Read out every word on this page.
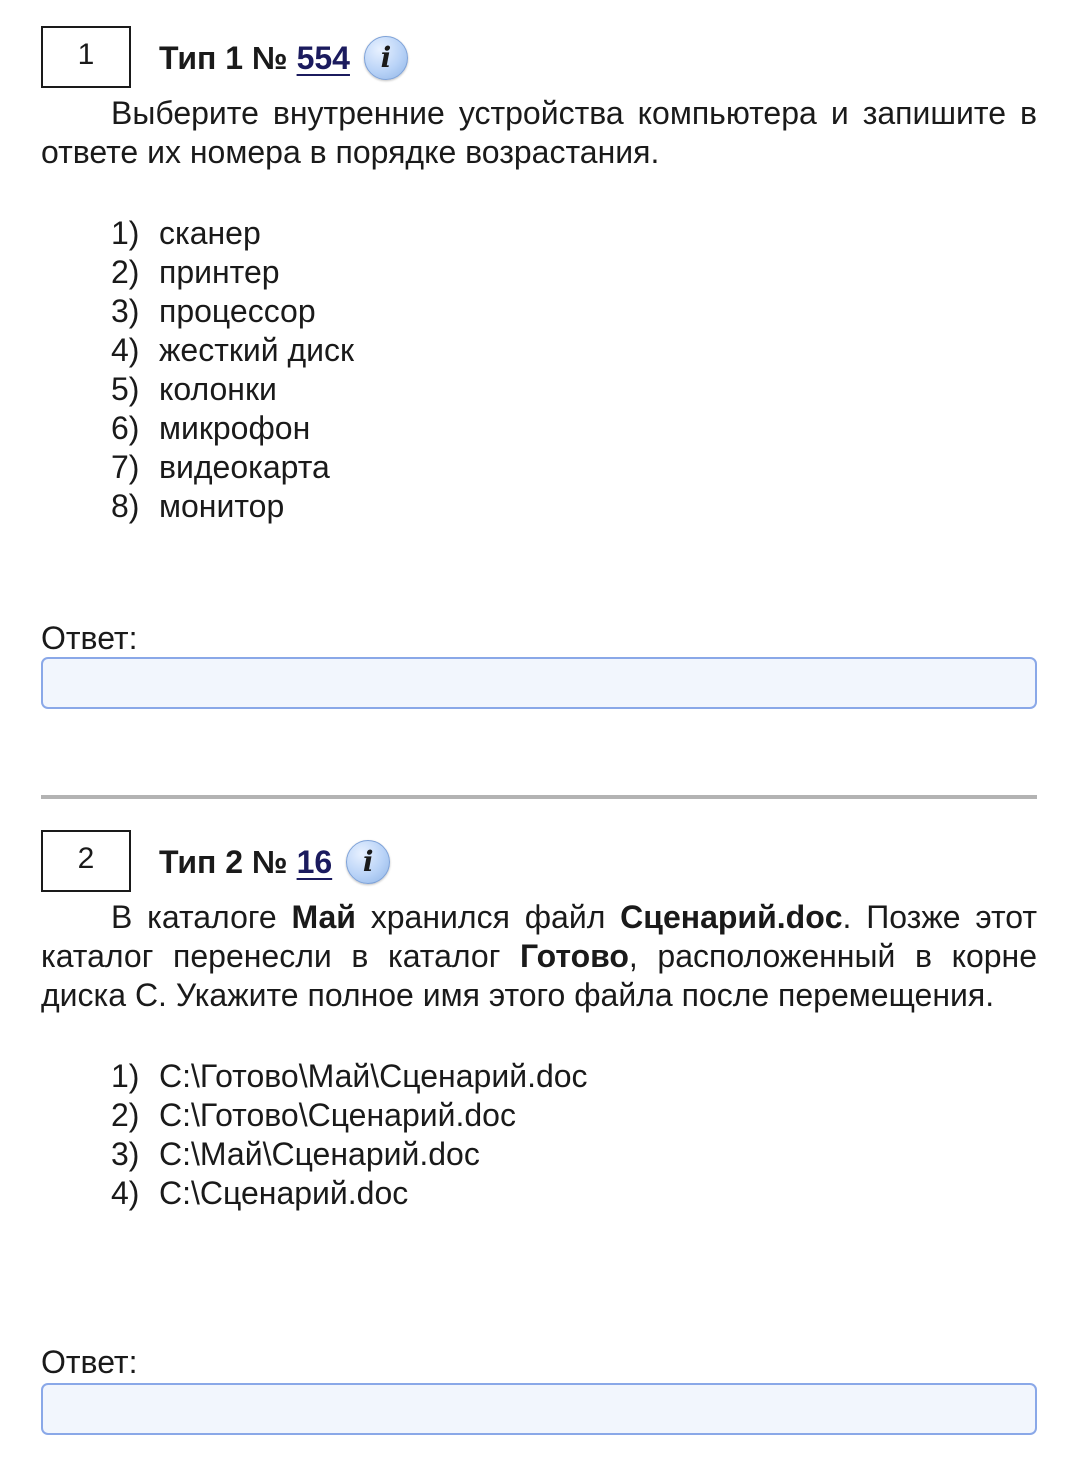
1	Тип 1 № 554	i
Выберите внутренние устройства компьютера и запишите в ответе их номера в порядке возрастания.
1) сканер
2) принтер
3) процессор
4) жесткий диск
5) колонки
6) микрофон
7) видеокарта
8) монитор
Ответ:
2	Тип 2 № 16	i
В каталоге Май хранился файл Сценарий.doc. Позже этот каталог перенесли в каталог Готово, расположенный в корне диска С. Укажите полное имя этого файла после перемещения.
1) С:\Готово\Май\Сценарий.doc
2) С:\Готово\Сценарий.doc
3) С:\Май\Сценарий.doc
4) С:\Сценарий.doc
Ответ:
